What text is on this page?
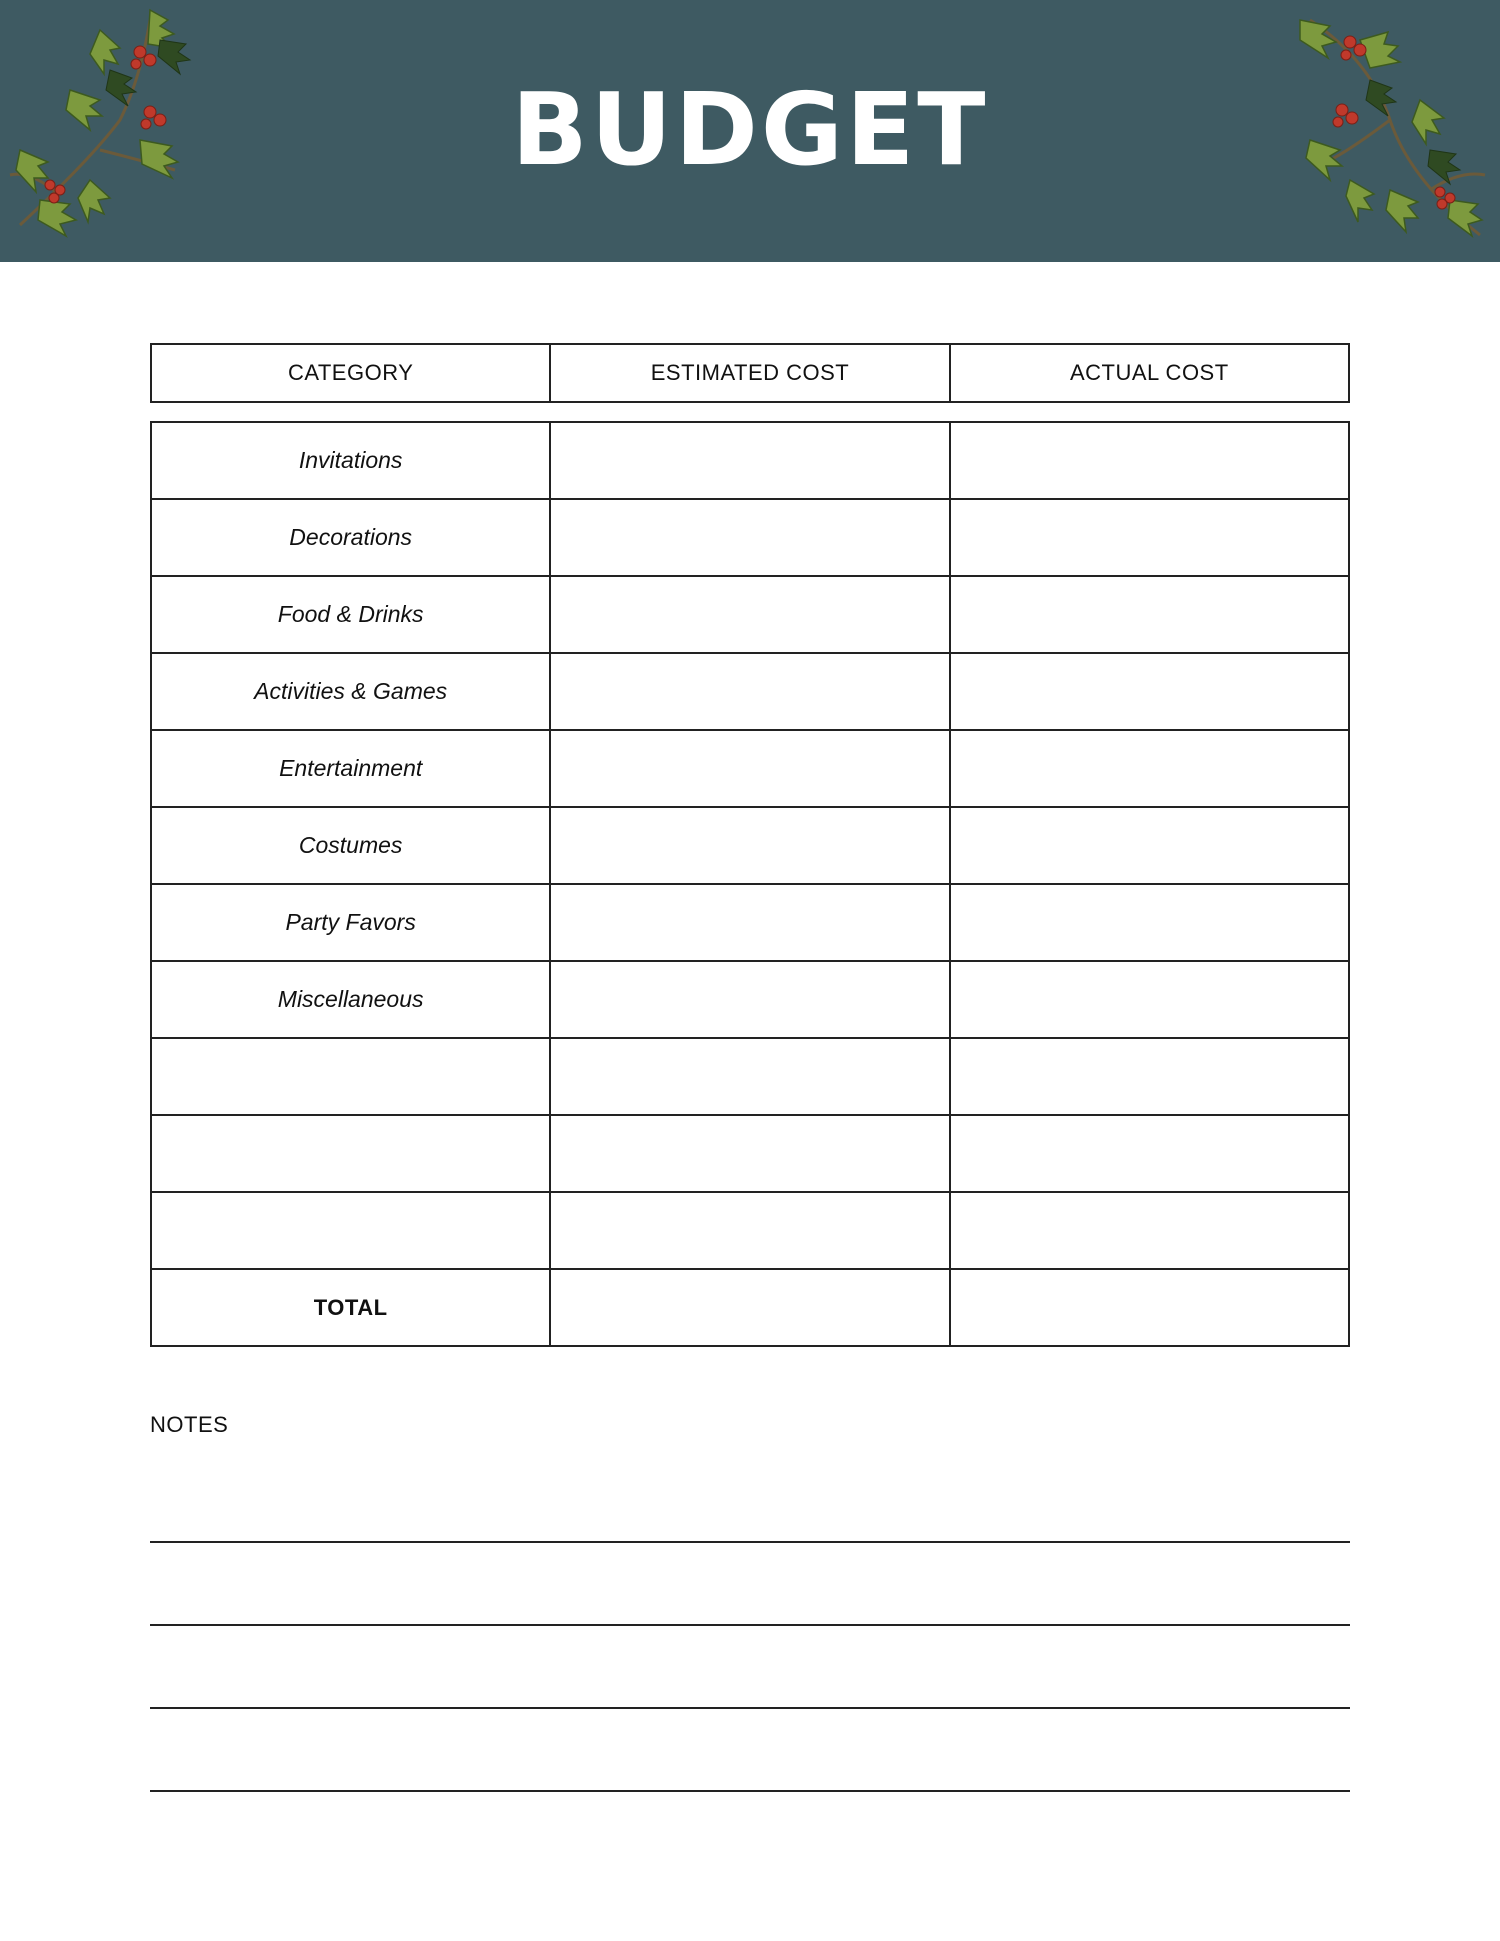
BUDGET
CATEGORY	ESTIMATED COST	ACTUAL COST
Invitations		
Decorations		
Food & Drinks		
Activities & Games		
Entertainment		
Costumes		
Party Favors		
Miscellaneous		

TOTAL		
NOTES
